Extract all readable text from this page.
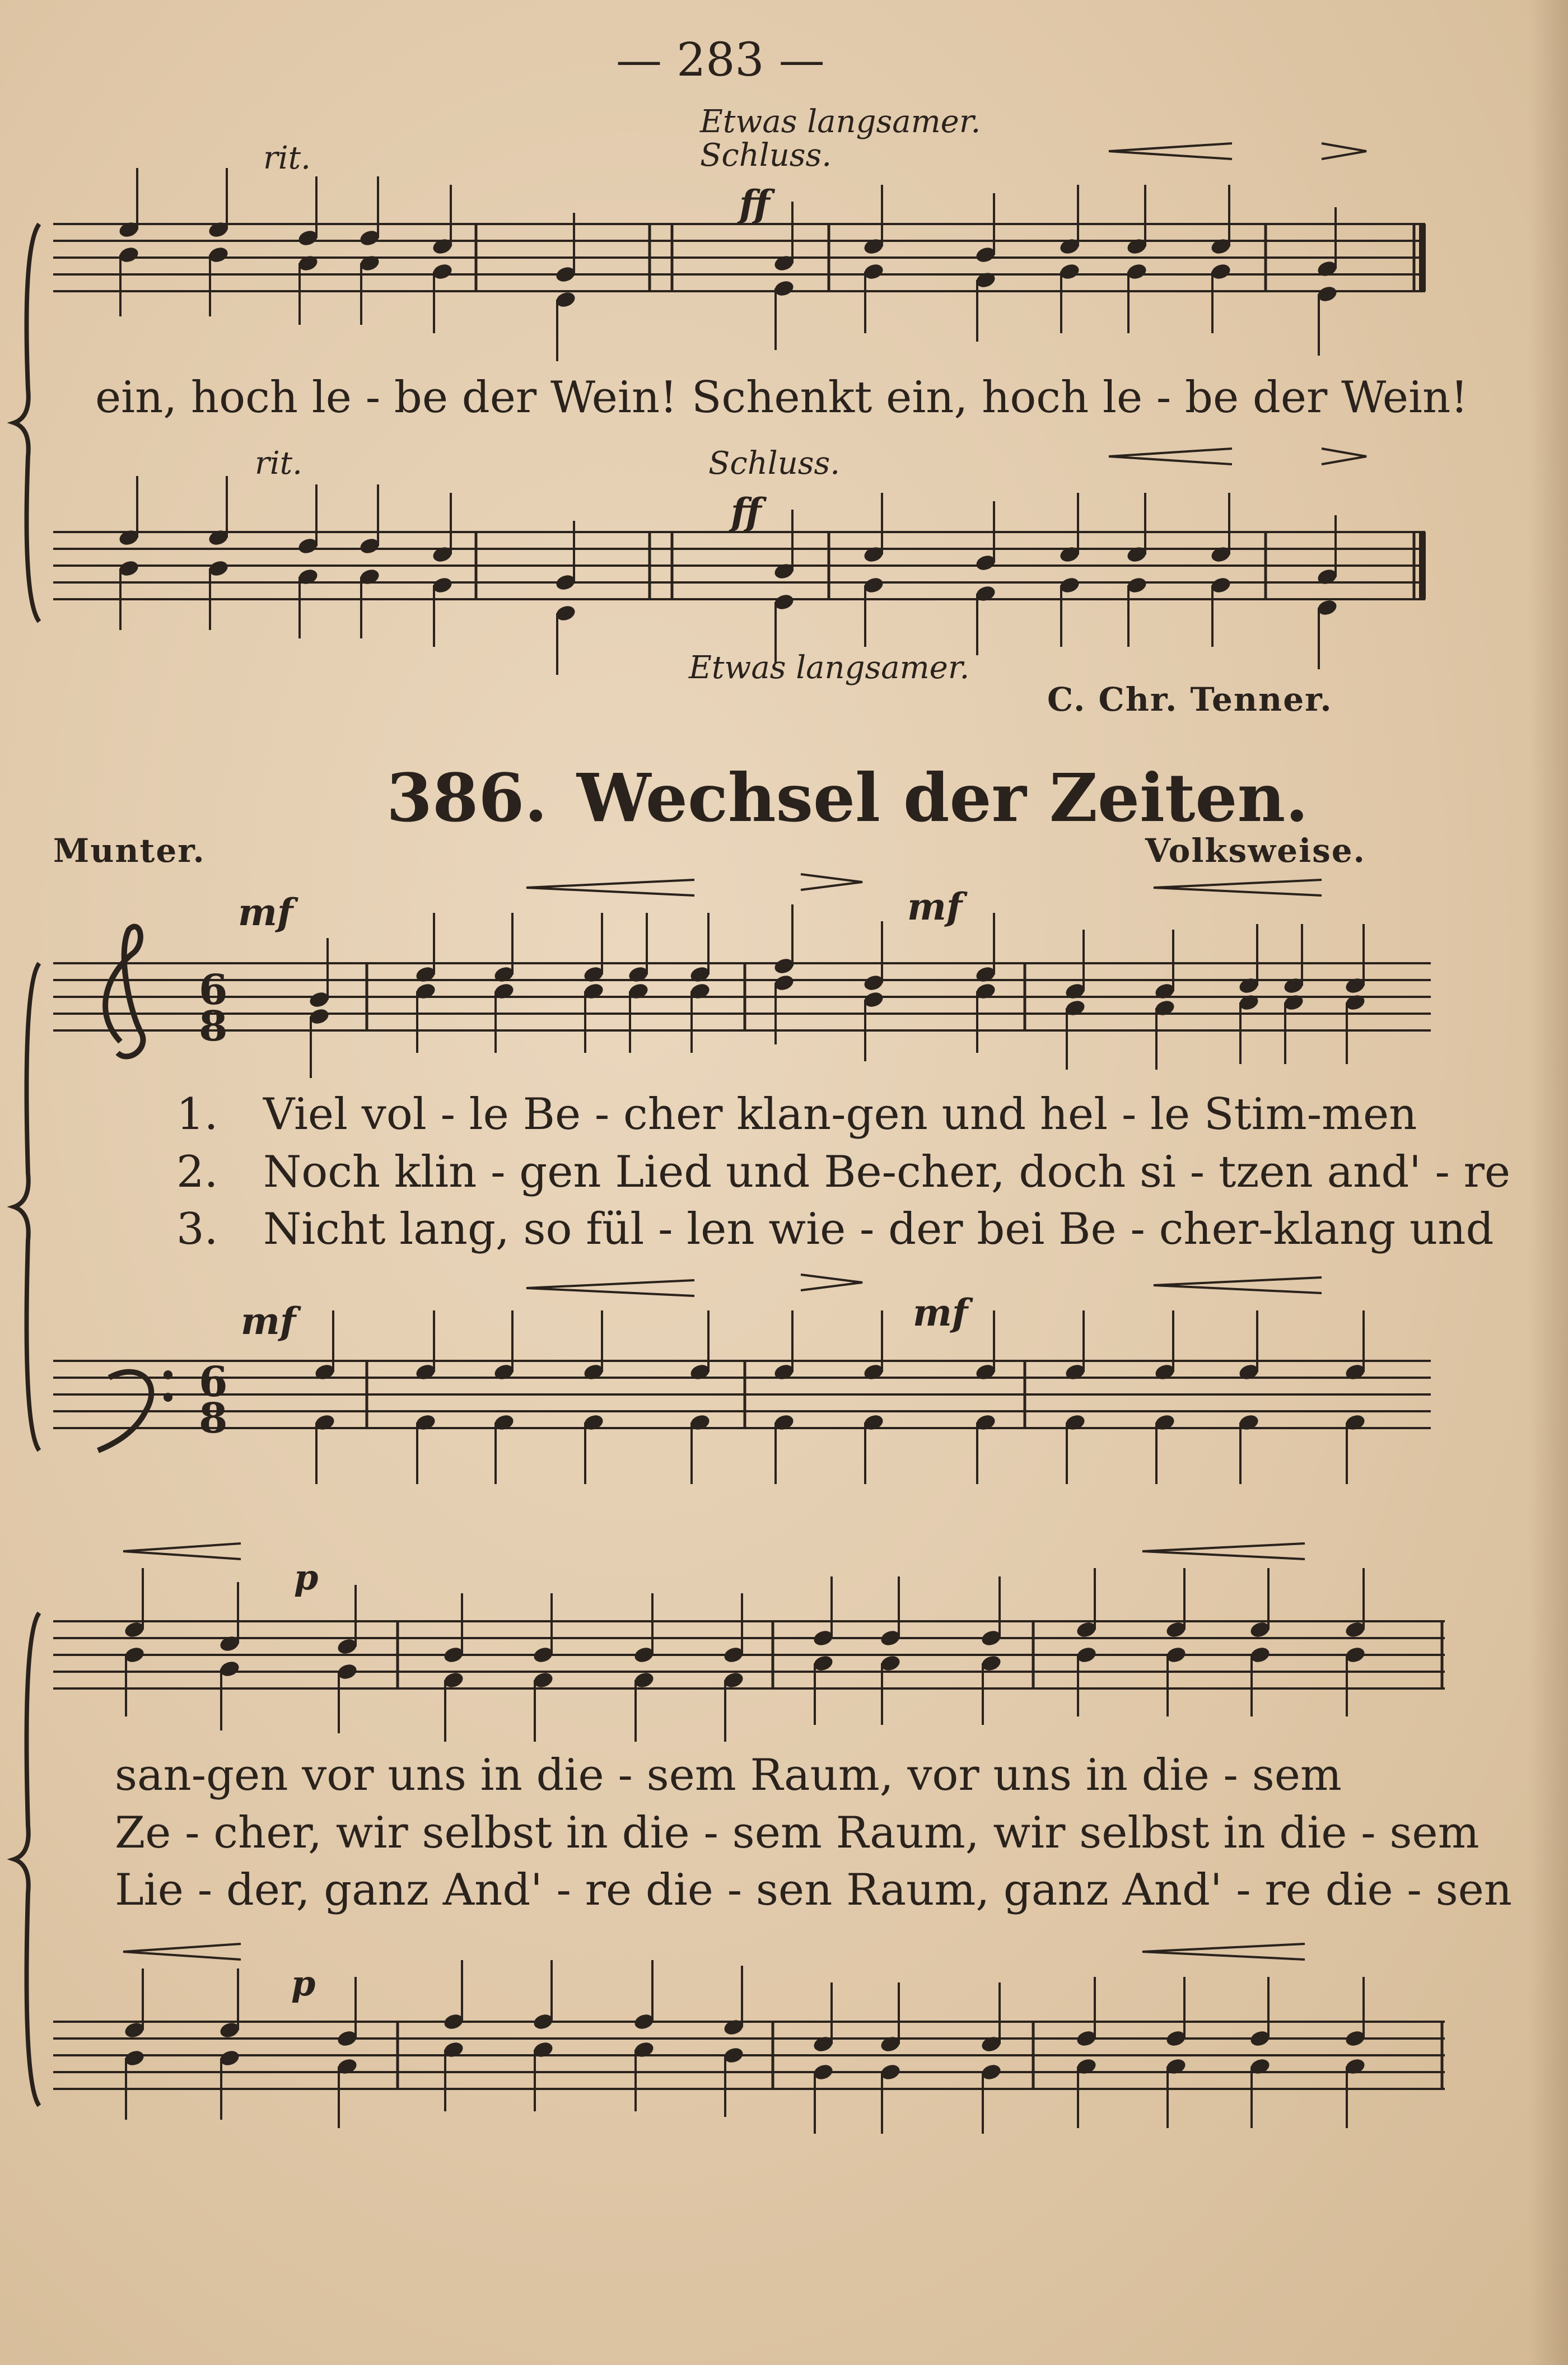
— 283 —
rit.
Etwas langsamer.
Schluss.
ff
ein, hoch le - be der Wein! Schenkt ein, hoch le - be der Wein!
rit.	Schluss.
ff
Etwas langsamer.
C. Chr. Tenner.
386. Wechsel der Zeiten.
Munter.	Volksweise.
mf	mf
mf	mf
6
8
6
8
1. Viel vol - le Be - cher klan-gen und hel - le Stim-men
2. Noch klin - gen Lied und Be-cher, doch si - tzen and' - re
3. Nicht lang, so fül - len wie - der bei Be - cher-klang und
p
p
san-gen vor uns in die - sem Raum, vor uns in die - sem
Ze - cher, wir selbst in die - sem Raum, wir selbst in die - sem
Lie - der, ganz And' - re die - sen Raum, ganz And' - re die - sen
